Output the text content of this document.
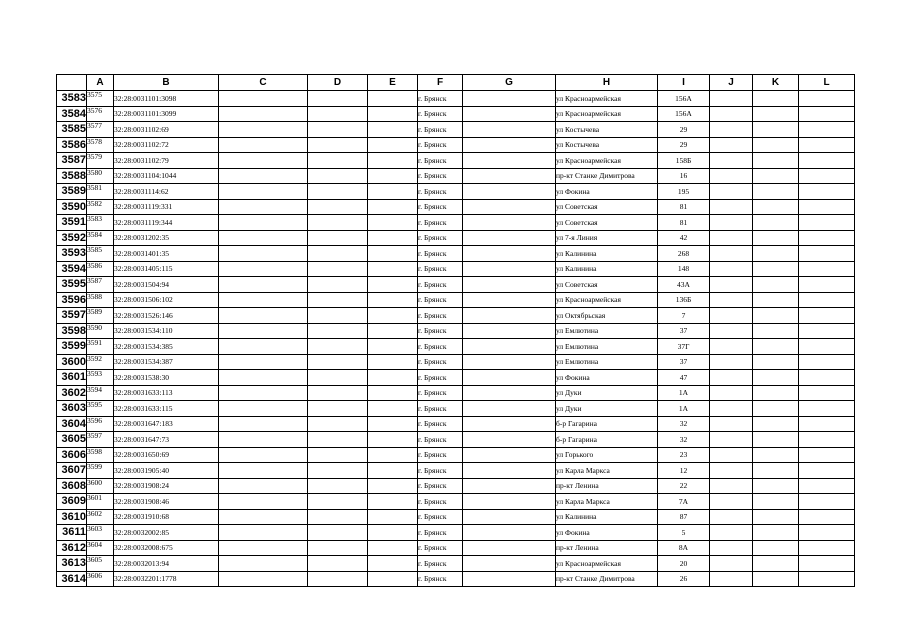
	A	B	C	D	E	F	G	H	I	J	K	L
3583	3575	32:28:0031101:3098				г. Брянск		ул Красноармейская	156А			
3584	3576	32:28:0031101:3099				г. Брянск		ул Красноармейская	156А			
3585	3577	32:28:0031102:69				г. Брянск		ул Костычева	29			
3586	3578	32:28:0031102:72				г. Брянск		ул Костычева	29			
3587	3579	32:28:0031102:79				г. Брянск		ул Красноармейская	158Б			
3588	3580	32:28:0031104:1044				г. Брянск		пр-кт Станке Димитрова	16			
3589	3581	32:28:0031114:62				г. Брянск		ул Фокина	195			
3590	3582	32:28:0031119:331				г. Брянск		ул Советская	81			
3591	3583	32:28:0031119:344				г. Брянск		ул Советская	81			
3592	3584	32:28:0031202:35				г. Брянск		ул 7-я Линия	42			
3593	3585	32:28:0031401:35				г. Брянск		ул Калинина	268			
3594	3586	32:28:0031405:115				г. Брянск		ул Калинина	148			
3595	3587	32:28:0031504:94				г. Брянск		ул Советская	43А			
3596	3588	32:28:0031506:102				г. Брянск		ул Красноармейская	136Б			
3597	3589	32:28:0031526:146				г. Брянск		ул Октябрьская	7			
3598	3590	32:28:0031534:110				г. Брянск		ул Емлютина	37			
3599	3591	32:28:0031534:385				г. Брянск		ул Емлютина	37Г			
3600	3592	32:28:0031534:387				г. Брянск		ул Емлютина	37			
3601	3593	32:28:0031538:30				г. Брянск		ул Фокина	47			
3602	3594	32:28:0031633:113				г. Брянск		ул Дуки	1А			
3603	3595	32:28:0031633:115				г. Брянск		ул Дуки	1А			
3604	3596	32:28:0031647:183				г. Брянск		б-р Гагарина	32			
3605	3597	32:28:0031647:73				г. Брянск		б-р Гагарина	32			
3606	3598	32:28:0031650:69				г. Брянск		ул Горького	23			
3607	3599	32:28:0031905:40				г. Брянск		ул Карла Маркса	12			
3608	3600	32:28:0031908:24				г. Брянск		пр-кт Ленина	22			
3609	3601	32:28:0031908:46				г. Брянск		ул Карла Маркса	7А			
3610	3602	32:28:0031910:68				г. Брянск		ул Калинина	87			
3611	3603	32:28:0032002:85				г. Брянск		ул Фокина	5			
3612	3604	32:28:0032008:675				г. Брянск		пр-кт Ленина	8А			
3613	3605	32:28:0032013:94				г. Брянск		ул Красноармейская	20			
3614	3606	32:28:0032201:1778				г. Брянск		пр-кт Станке Димитрова	26			
